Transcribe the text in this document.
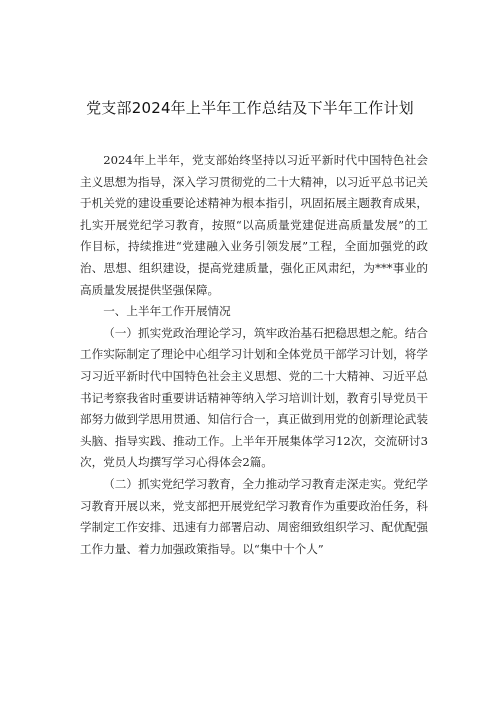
党支部2024年上半年工作总结及下半年工作计划

2024年上半年，党支部始终坚持以习近平新时代中国特色社会主义思想为指导，深入学习贯彻党的二十大精神，以习近平总书记关于机关党的建设重要论述精神为根本指引，巩固拓展主题教育成果，扎实开展党纪学习教育，按照“以高质量党建促进高质量发展”的工作目标，持续推进“党建融入业务引领发展”工程，全面加强党的政治、思想、组织建设，提高党建质量，强化正风肃纪，为***事业的高质量发展提供坚强保障。

一、上半年工作开展情况

（一）抓实党政治理论学习，筑牢政治基石把稳思想之舵。结合工作实际制定了理论中心组学习计划和全体党员干部学习计划，将学习习近平新时代中国特色社会主义思想、党的二十大精神、习近平总书记考察我省时重要讲话精神等纳入学习培训计划，教育引导党员干部努力做到学思用贯通、知信行合一，真正做到用党的创新理论武装头脑、指导实践、推动工作。上半年开展集体学习12次，交流研讨3次，党员人均撰写学习心得体会2篇。

（二）抓实党纪学习教育，全力推动学习教育走深走实。党纪学习教育开展以来，党支部把开展党纪学习教育作为重要政治任务，科学制定工作安排、迅速有力部署启动、周密细致组织学习、配优配强工作力量、着力加强政策指导。以“集中十个人”
